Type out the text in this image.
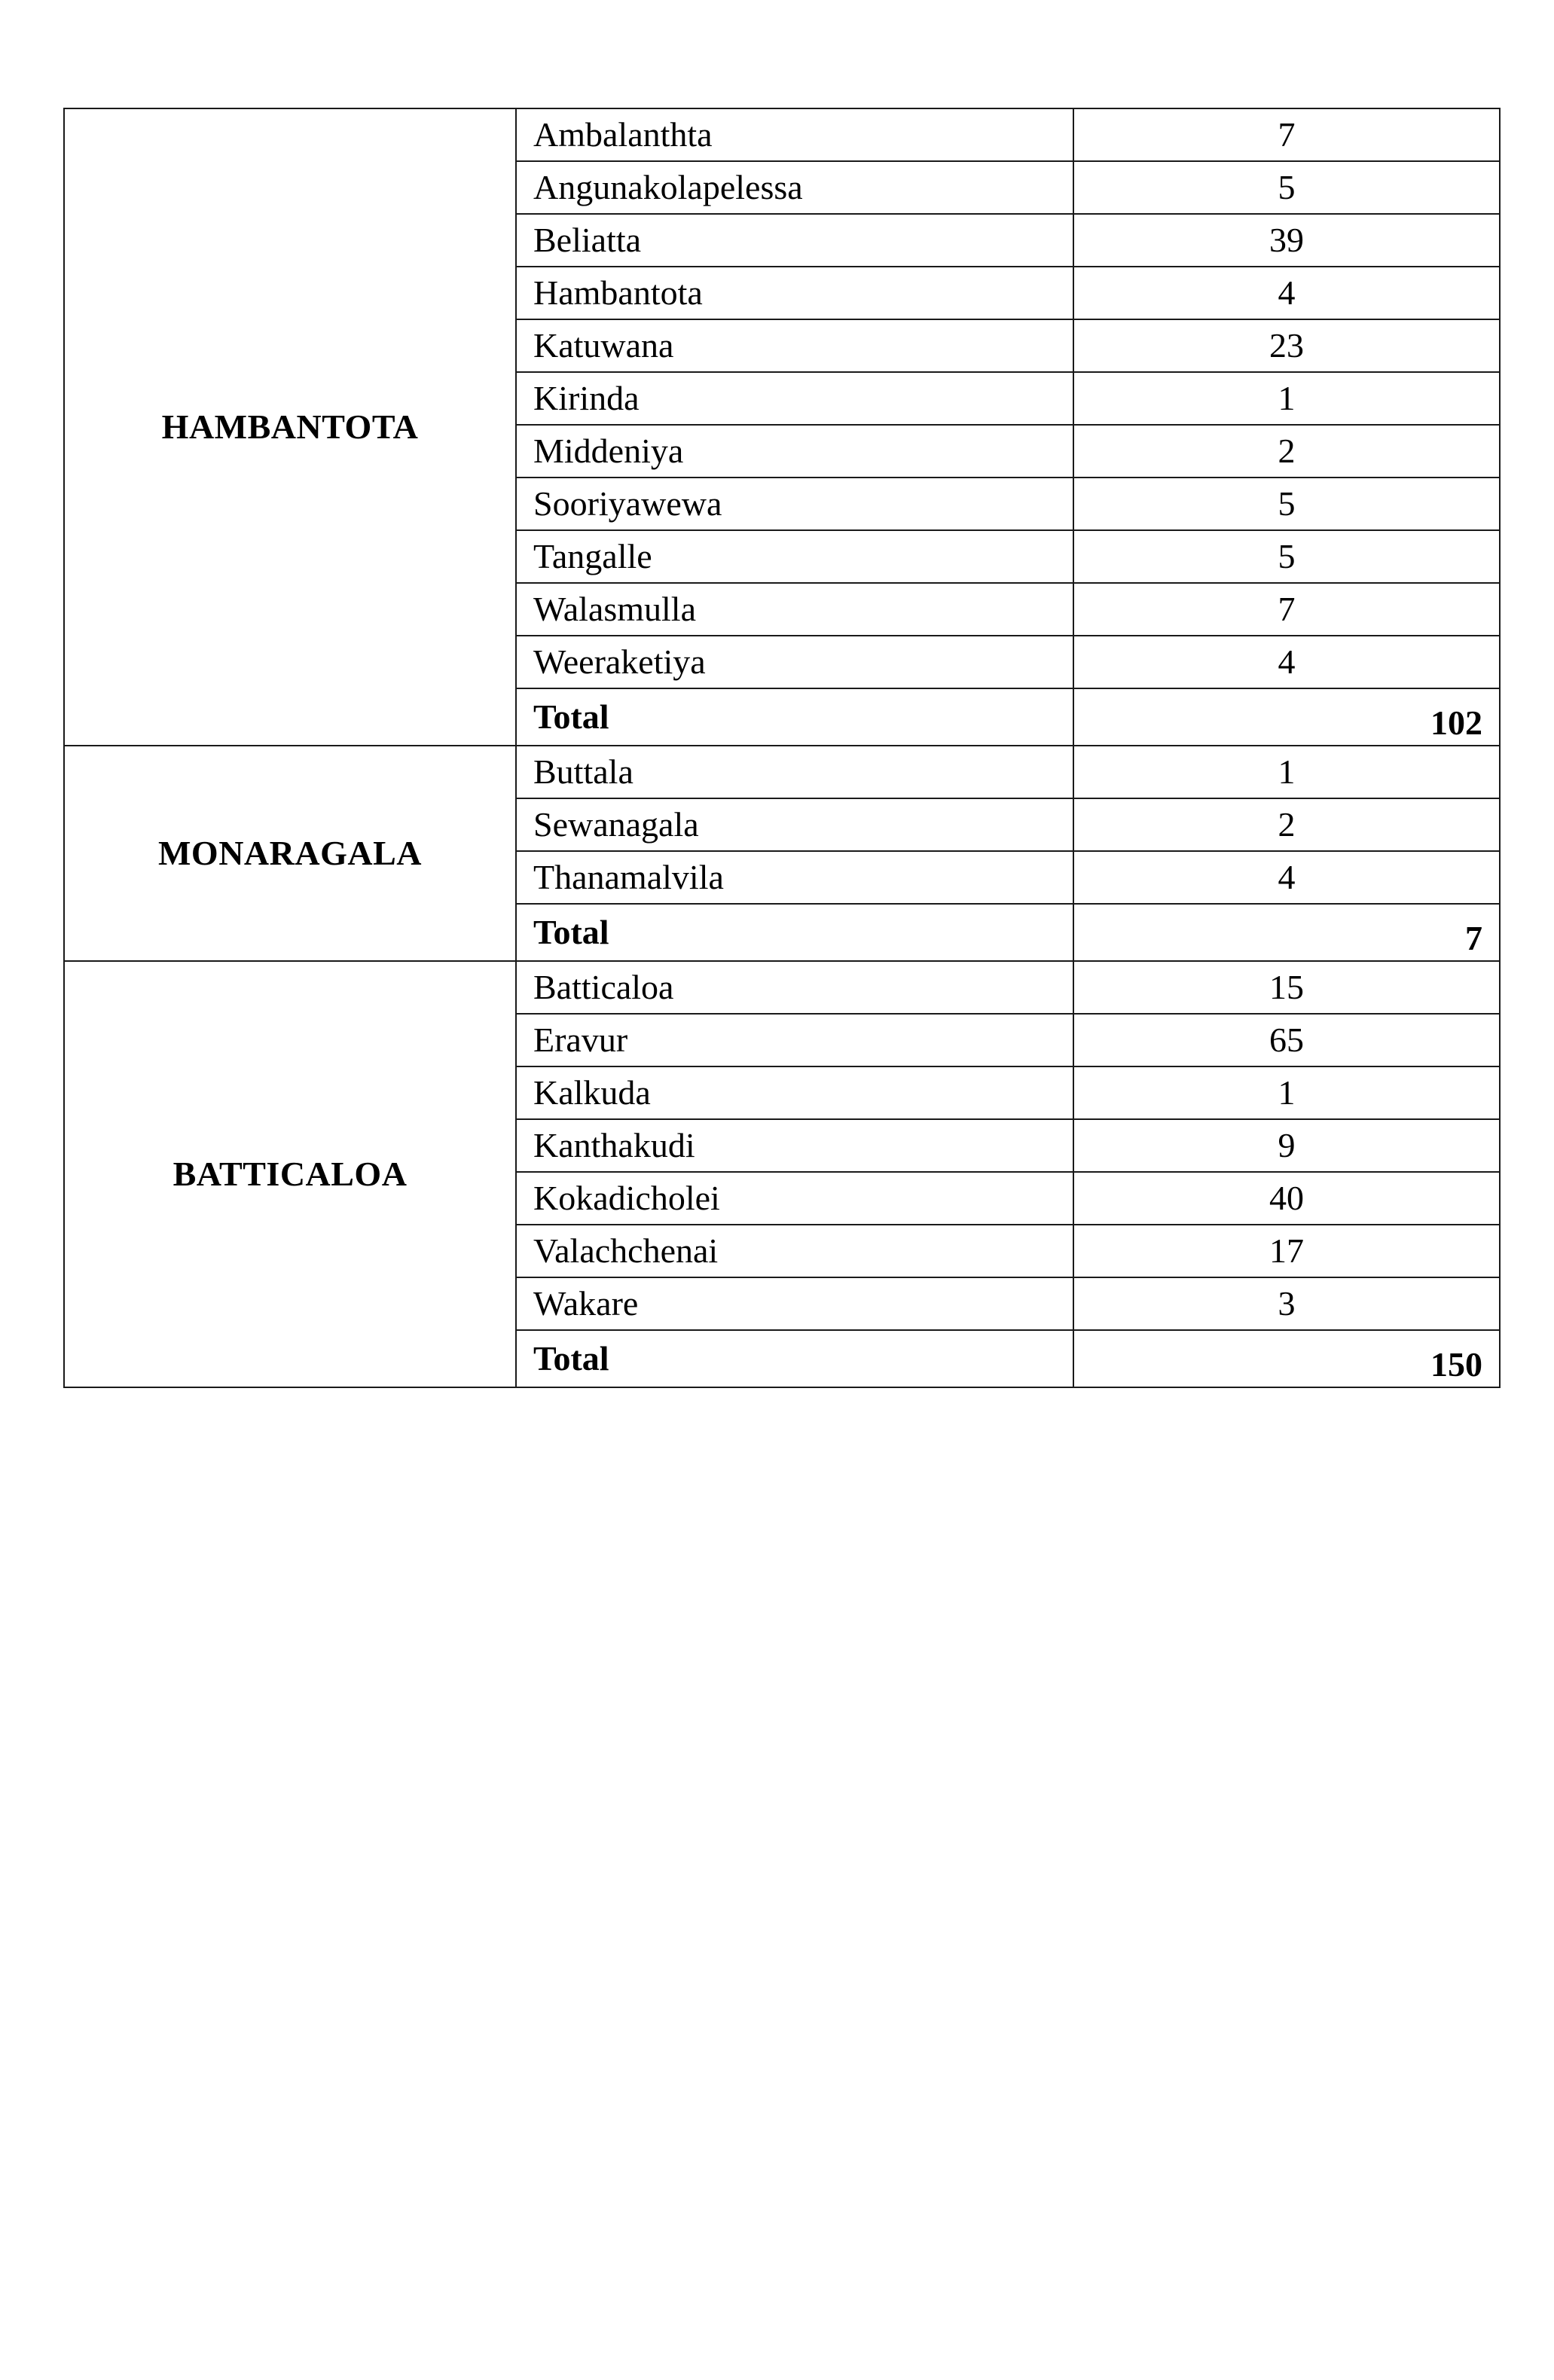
HAMBANTOTA	Ambalanthta	7
	Angunakolapelessa	5
	Beliatta	39
	Hambantota	4
	Katuwana	23
	Kirinda	1
	Middeniya	2
	Sooriyawewa	5
	Tangalle	5
	Walasmulla	7
	Weeraketiya	4
	Total	102
MONARAGALA	Buttala	1
	Sewanagala	2
	Thanamalvila	4
	Total	7
BATTICALOA	Batticaloa	15
	Eravur	65
	Kalkuda	1
	Kanthakudi	9
	Kokadicholei	40
	Valachchenai	17
	Wakare	3
	Total	150
